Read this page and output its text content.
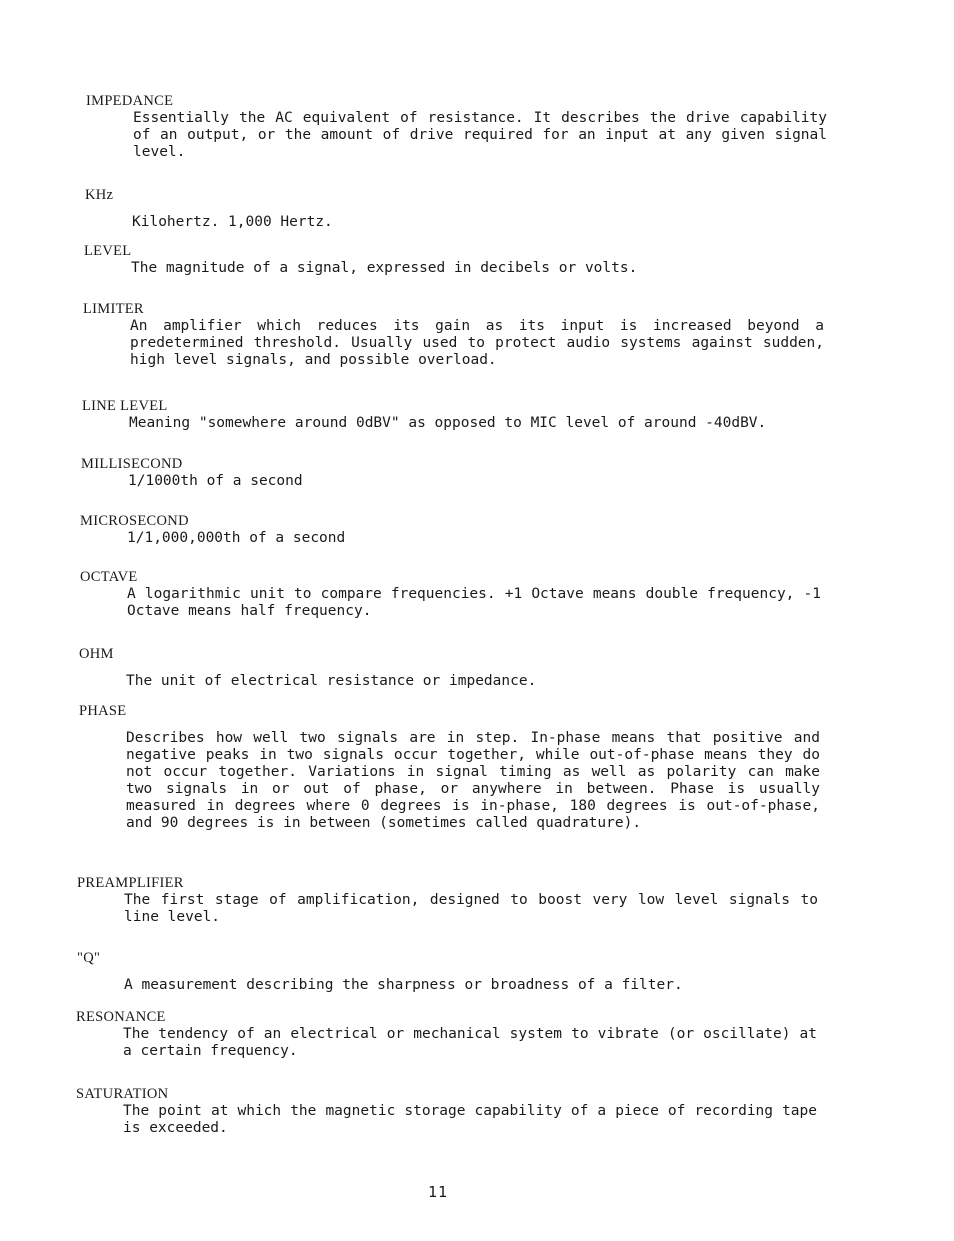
IMPEDANCE
Essentially the AC equivalent of resistance. It describes the drive capability of an output, or the amount of drive required for an input at any given signal level.
KHz
Kilohertz. 1,000 Hertz.
LEVEL
The magnitude of a signal, expressed in decibels or volts.
LIMITER
An amplifier which reduces its gain as its input is increased beyond a predetermined threshold. Usually used to protect audio systems against sudden, high level signals, and possible overload.
LINE LEVEL
Meaning "somewhere around 0dBV" as opposed to MIC level of around -40dBV.
MILLISECOND
1/1000th of a second
MICROSECOND
1/1,000,000th of a second
OCTAVE
A logarithmic unit to compare frequencies. +1 Octave means double frequency, -1 Octave means half frequency.
OHM
The unit of electrical resistance or impedance.
PHASE
Describes how well two signals are in step. In-phase means that positive and negative peaks in two signals occur together, while out-of-phase means they do not occur together. Variations in signal timing as well as polarity can make two signals in or out of phase, or anywhere in between. Phase is usually measured in degrees where 0 degrees is in-phase, 180 degrees is out-of-phase, and 90 degrees is in between (sometimes called quadrature).
PREAMPLIFIER
The first stage of amplification, designed to boost very low level signals to line level.
"Q"
A measurement describing the sharpness or broadness of a filter.
RESONANCE
The tendency of an electrical or mechanical system to vibrate (or oscillate) at a certain frequency.
SATURATION
The point at which the magnetic storage capability of a piece of recording tape is exceeded.
11
